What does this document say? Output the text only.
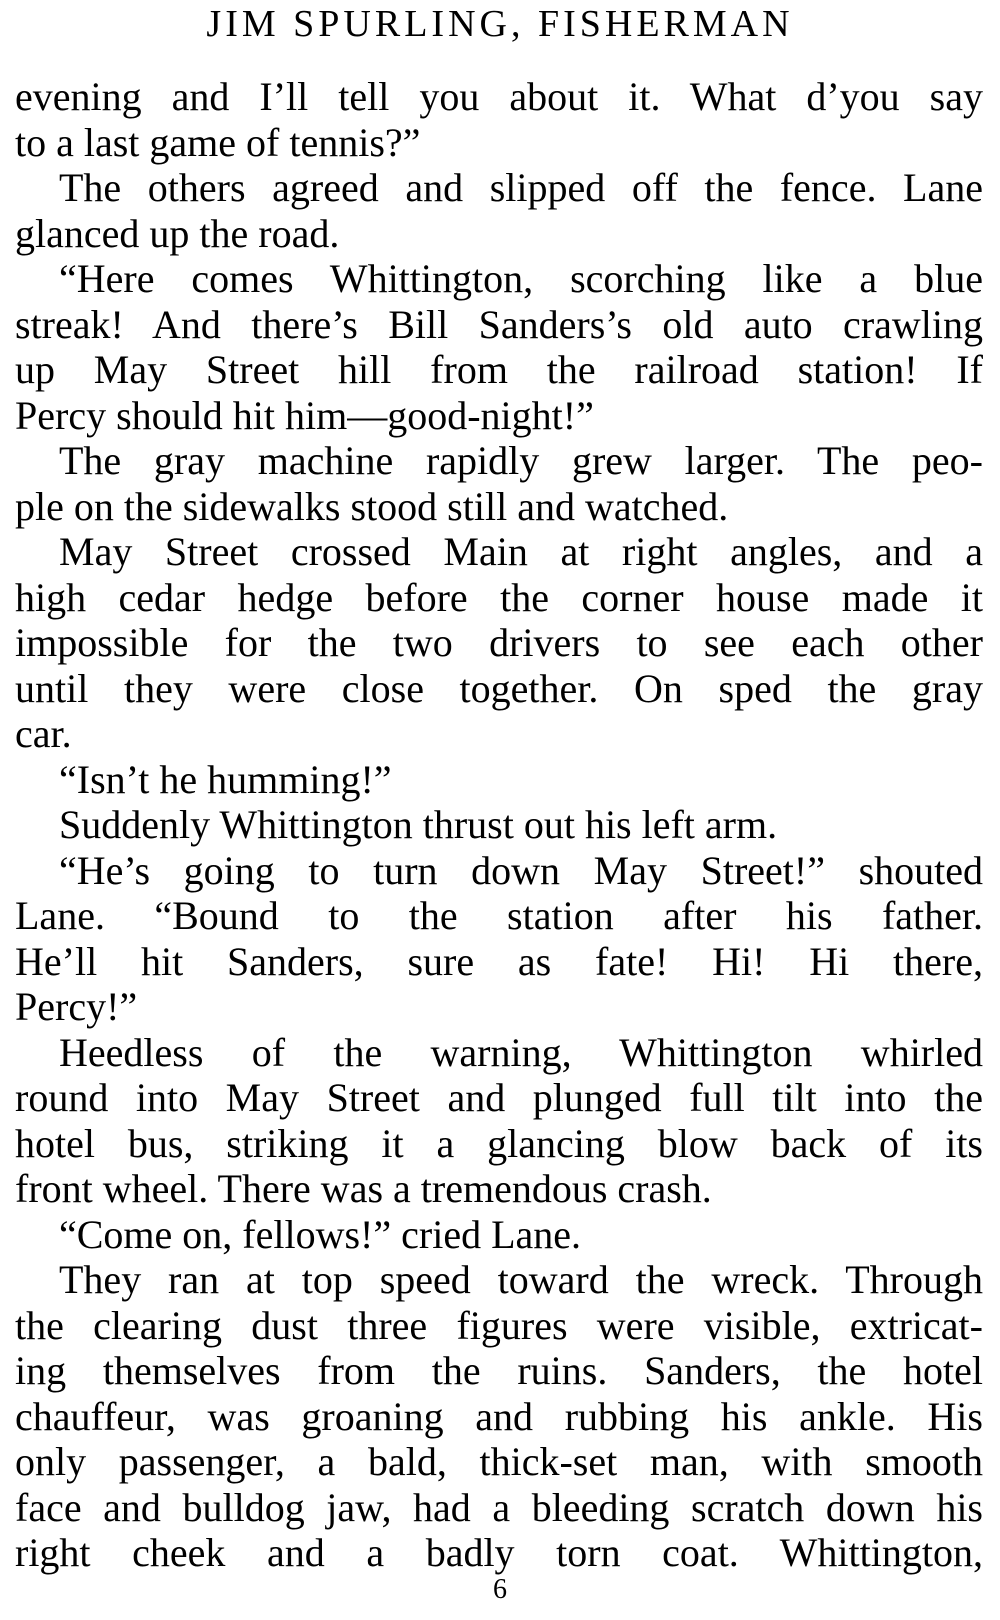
JIM SPURLING, FISHERMAN
evening and I’ll tell you about it. What d’you say
to a last game of tennis?”
The others agreed and slipped off the fence. Lane
glanced up the road.
“Here comes Whittington, scorching like a blue
streak! And there’s Bill Sanders’s old auto crawling
up May Street hill from the railroad station! If
Percy should hit him—good-night!”
The gray machine rapidly grew larger. The peo-
ple on the sidewalks stood still and watched.
May Street crossed Main at right angles, and a
high cedar hedge before the corner house made it
impossible for the two drivers to see each other
until they were close together. On sped the gray
car.
“Isn’t he humming!”
Suddenly Whittington thrust out his left arm.
“He’s going to turn down May Street!” shouted
Lane. “Bound to the station after his father.
He’ll hit Sanders, sure as fate! Hi! Hi there,
Percy!”
Heedless of the warning, Whittington whirled
round into May Street and plunged full tilt into the
hotel bus, striking it a glancing blow back of its
front wheel. There was a tremendous crash.
“Come on, fellows!” cried Lane.
They ran at top speed toward the wreck. Through
the clearing dust three figures were visible, extricat-
ing themselves from the ruins. Sanders, the hotel
chauffeur, was groaning and rubbing his ankle. His
only passenger, a bald, thick-set man, with smooth
face and bulldog jaw, had a bleeding scratch down his
right cheek and a badly torn coat. Whittington,
6
